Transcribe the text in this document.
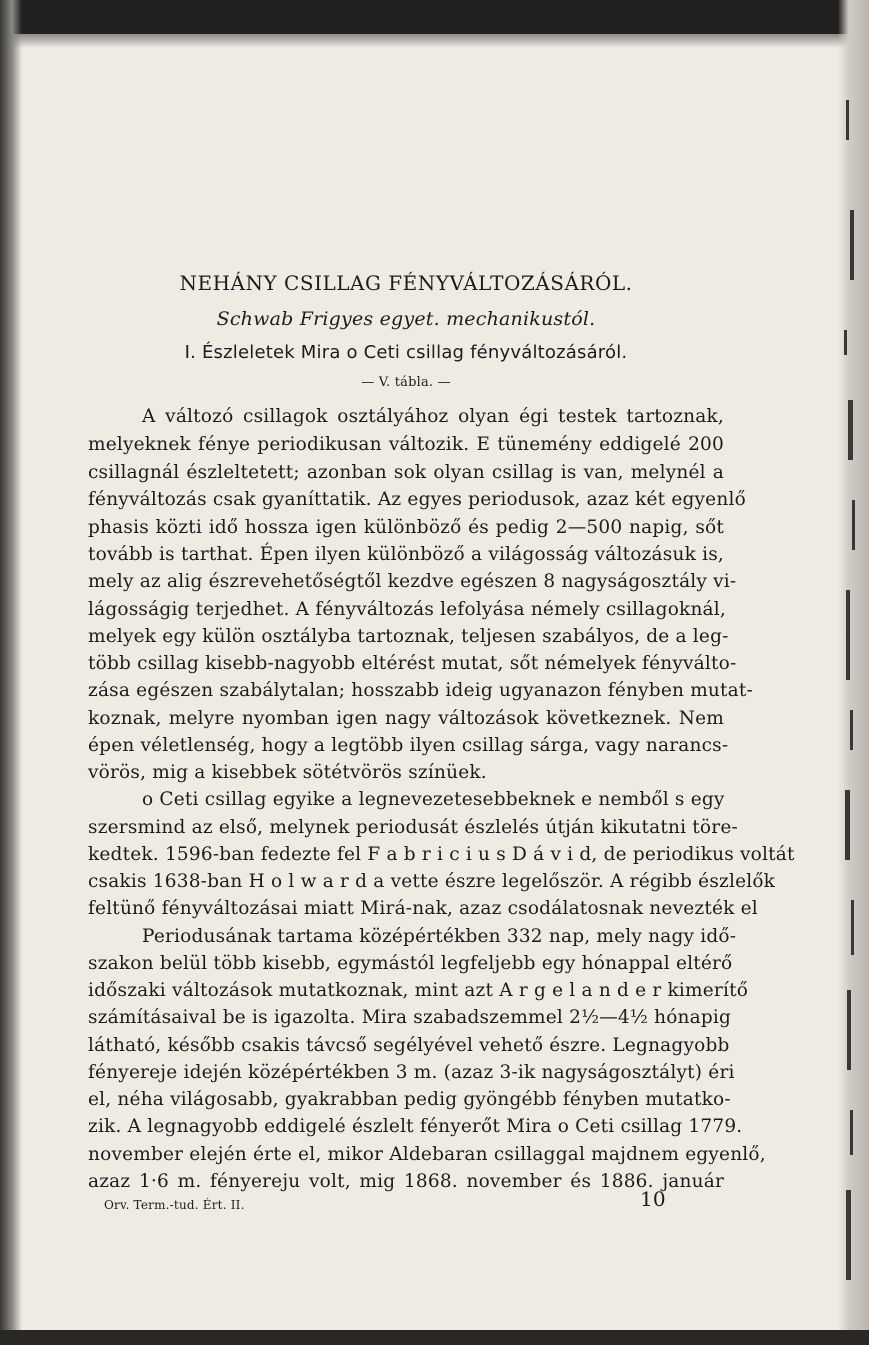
NEHÁNY CSILLAG FÉNYVÁLTOZÁSÁRÓL.
Schwab Frigyes egyet. mechanikustól.
I. Észleletek Mira o Ceti csillag fényváltozásáról.
— V. tábla. —
A változó csillagok osztályához olyan égi testek tartoznak,
melyeknek fénye periodikusan változik. E tünemény eddigelé 200
csillagnál észleltetett; azonban sok olyan csillag is van, melynél a
fényváltozás csak gyaníttatik. Az egyes periodusok, azaz két egyenlő
phasis közti idő hossza igen különböző és pedig 2—500 napig, sőt
tovább is tarthat. Épen ilyen különböző a világosság változásuk is,
mely az alig észrevehetőségtől kezdve egészen 8 nagyságosztály vi-
lágosságig terjedhet. A fényváltozás lefolyása némely csillagoknál,
melyek egy külön osztályba tartoznak, teljesen szabályos, de a leg-
több csillag kisebb-nagyobb eltérést mutat, sőt némelyek fényválto-
zása egészen szabálytalan; hosszabb ideig ugyanazon fényben mutat-
koznak, melyre nyomban igen nagy változások következnek. Nem
épen véletlenség, hogy a legtöbb ilyen csillag sárga, vagy narancs-
vörös, mig a kisebbek sötétvörös színüek.
o Ceti csillag egyike a legnevezetesebbeknek e nemből s egy
szersmind az első, melynek periodusát észlelés útján kikutatni töre-
kedtek. 1596-ban fedezte fel F a b r i c i u s D á v i d, de periodikus voltát
csakis 1638-ban H o l w a r d a vette észre legelőször. A régibb észlelők
feltünő fényváltozásai miatt Mirá-nak, azaz csodálatosnak nevezték el
Periodusának tartama középértékben 332 nap, mely nagy idő-
szakon belül több kisebb, egymástól legfeljebb egy hónappal eltérő
időszaki változások mutatkoznak, mint azt A r g e l a n d e r kimerítő
számításaival be is igazolta. Mira szabadszemmel 2½—4½ hónapig
látható, később csakis távcső segélyével vehető észre. Legnagyobb
fényereje idején középértékben 3 m. (azaz 3-ik nagyságosztályt) éri
el, néha világosabb, gyakrabban pedig gyöngébb fényben mutatko-
zik. A legnagyobb eddigelé észlelt fényerőt Mira o Ceti csillag 1779.
november elején érte el, mikor Aldebaran csillaggal majdnem egyenlő,
azaz 1·6 m. fényereju volt, mig 1868. november és 1886. január
Orv. Term.-tud. Ért. II.	10
